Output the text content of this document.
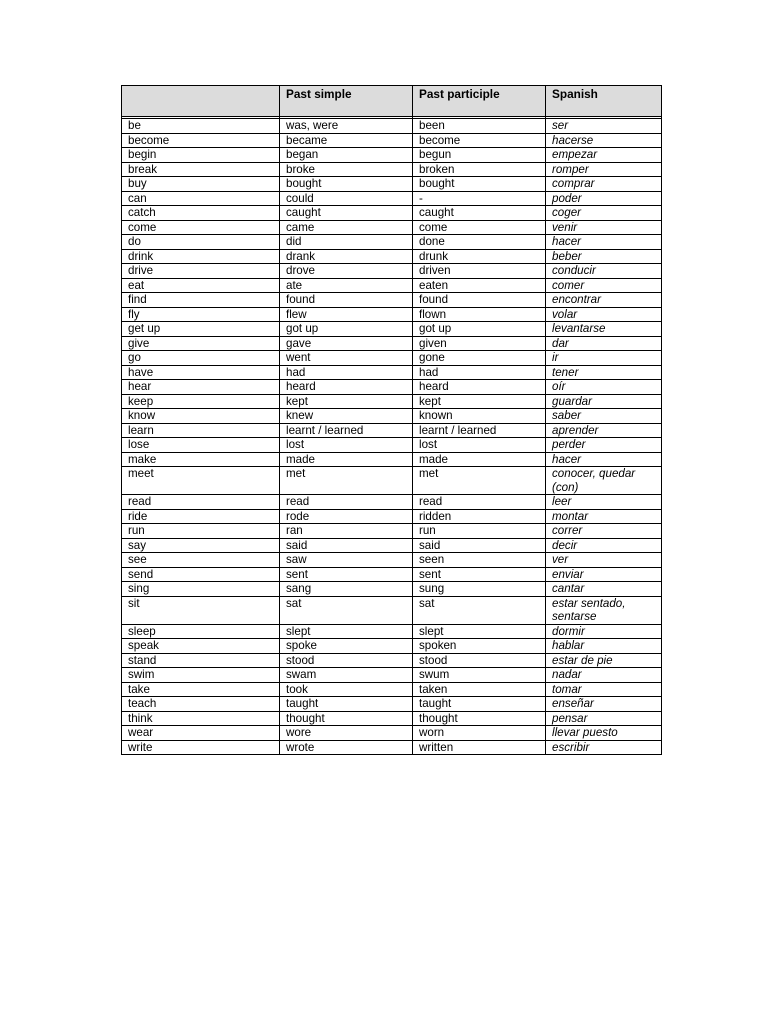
	Past simple	Past participle	Spanish

be	was, were	been	ser
become	became	become	hacerse
begin	began	begun	empezar
break	broke	broken	romper
buy	bought	bought	comprar
can	could	-	poder
catch	caught	caught	coger
come	came	come	venir
do	did	done	hacer
drink	drank	drunk	beber
drive	drove	driven	conducir
eat	ate	eaten	comer
find	found	found	encontrar
fly	flew	flown	volar
get up	got up	got up	levantarse
give	gave	given	dar
go	went	gone	ir
have	had	had	tener
hear	heard	heard	oír
keep	kept	kept	guardar
know	knew	known	saber
learn	learnt / learned	learnt / learned	aprender
lose	lost	lost	perder
make	made	made	hacer
meet	met	met	conocer, quedar (con)
read	read	read	leer
ride	rode	ridden	montar
run	ran	run	correr
say	said	said	decir
see	saw	seen	ver
send	sent	sent	enviar
sing	sang	sung	cantar
sit	sat	sat	estar sentado, sentarse
sleep	slept	slept	dormir
speak	spoke	spoken	hablar
stand	stood	stood	estar de pie
swim	swam	swum	nadar
take	took	taken	tomar
teach	taught	taught	enseñar
think	thought	thought	pensar
wear	wore	worn	llevar puesto
write	wrote	written	escribir
